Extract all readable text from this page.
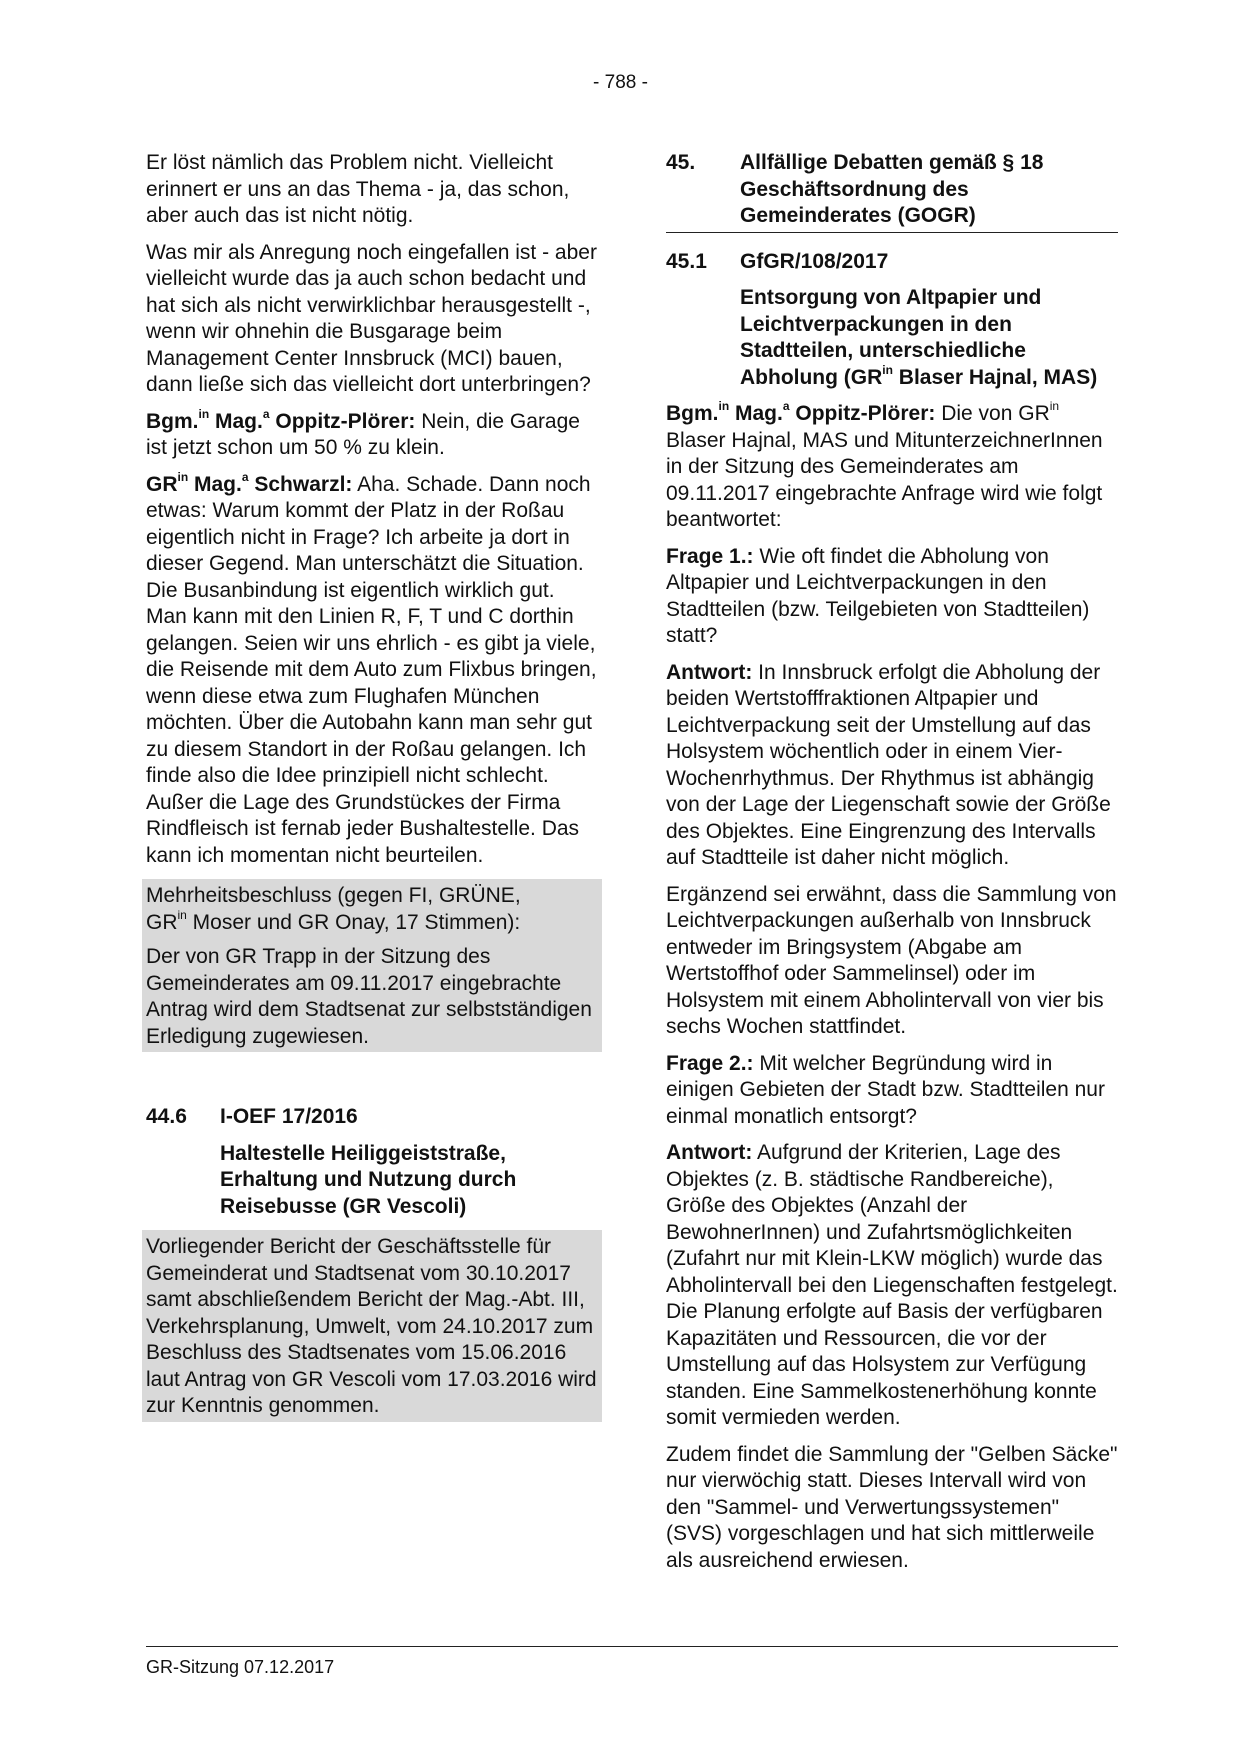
- 788 -

Er löst nämlich das Problem nicht. Vielleicht erinnert er uns an das Thema - ja, das schon, aber auch das ist nicht nötig.

Was mir als Anregung noch eingefallen ist - aber vielleicht wurde das ja auch schon bedacht und hat sich als nicht verwirklichbar herausgestellt -, wenn wir ohnehin die Busgarage beim Management Center Innsbruck (MCI) bauen, dann ließe sich das vielleicht dort unterbringen?

Bgm.$^{in}$ Mag.$^a$ Oppitz-Plörer: Nein, die Garage ist jetzt schon um 50 % zu klein.

$GR^{in}$ Mag.$^a$ Schwarzl: Aha. Schade. Dann noch etwas: Warum kommt der Platz in der Roßau eigentlich nicht in Frage? Ich arbeite ja dort in dieser Gegend. Man unterschätzt die Situation. Die Busanbindung ist eigentlich wirklich gut. Man kann mit den Linien R, F, T und C dorthin gelangen. Seien wir uns ehrlich - es gibt ja viele, die Reisende mit dem Auto zum Flixbus bringen, wenn diese etwa zum Flughafen München möchten. Über die Autobahn kann man sehr gut zu diesem Standort in der Roßau gelangen. Ich finde also die Idee prinzipiell nicht schlecht. Außer die Lage des Grundstückes der Firma Rindfleisch ist fernab jeder Bushaltestelle. Das kann ich momentan nicht beurteilen.

Mehrheitsbeschluss (gegen FI, GRÜNE,
$GR^{in}$ Moser und GR Onay, 17 Stimmen):

Der von GR Trapp in der Sitzung des Gemeinderates am 09.11.2017 eingebrachte Antrag wird dem Stadtsenat zur selbstständigen Erledigung zugewiesen.

44.6	I-OEF 17/2016

Haltestelle Heiliggeiststraße, Erhaltung und Nutzung durch Reisebusse (GR Vescoli)

Vorliegender Bericht der Geschäftsstelle für Gemeinderat und Stadtsenat vom 30.10.2017 samt abschließendem Bericht der Mag.-Abt. III, Verkehrsplanung, Umwelt, vom 24.10.2017 zum Beschluss des Stadtsenates vom 15.06.2016 laut Antrag von GR Vescoli vom 17.03.2016 wird zur Kenntnis genommen.

45.	Allfällige Debatten gemäß § 18 Geschäftsordnung des Gemeinderates (GOGR)
45.1	GfGR/108/2017

Entsorgung von Altpapier und Leichtverpackungen in den Stadtteilen, unterschiedliche Abholung ($GR^{in}$ Blaser Hajnal, MAS)

Bgm.$^{in}$ Mag.$^a$ Oppitz-Plörer: Die von $GR^{in}$ Blaser Hajnal, MAS und MitunterzeichnerInnen in der Sitzung des Gemeinderates am 09.11.2017 eingebrachte Anfrage wird wie folgt beantwortet:

Frage 1.: Wie oft findet die Abholung von Altpapier und Leichtverpackungen in den Stadtteilen (bzw. Teilgebieten von Stadtteilen) statt?

Antwort: In Innsbruck erfolgt die Abholung der beiden Wertstofffraktionen Altpapier und Leichtverpackung seit der Umstellung auf das Holsystem wöchentlich oder in einem Vier-Wochenrhythmus. Der Rhythmus ist abhängig von der Lage der Liegenschaft sowie der Größe des Objektes. Eine Eingrenzung des Intervalls auf Stadtteile ist daher nicht möglich.

Ergänzend sei erwähnt, dass die Sammlung von Leichtverpackungen außerhalb von Innsbruck entweder im Bringsystem (Abgabe am Wertstoffhof oder Sammelinsel) oder im Holsystem mit einem Abholintervall von vier bis sechs Wochen stattfindet.

Frage 2.: Mit welcher Begründung wird in einigen Gebieten der Stadt bzw. Stadtteilen nur einmal monatlich entsorgt?

Antwort: Aufgrund der Kriterien, Lage des Objektes (z. B. städtische Randbereiche), Größe des Objektes (Anzahl der BewohnerInnen) und Zufahrtsmöglichkeiten (Zufahrt nur mit Klein-LKW möglich) wurde das Abholintervall bei den Liegenschaften festgelegt. Die Planung erfolgte auf Basis der verfügbaren Kapazitäten und Ressourcen, die vor der Umstellung auf das Holsystem zur Verfügung standen. Eine Sammelkostenerhöhung konnte somit vermieden werden.

Zudem findet die Sammlung der "Gelben Säcke" nur vierwöchig statt. Dieses Intervall wird von den "Sammel- und Verwertungssystemen" (SVS) vorgeschlagen und hat sich mittlerweile als ausreichend erwiesen.

GR-Sitzung 07.12.2017
